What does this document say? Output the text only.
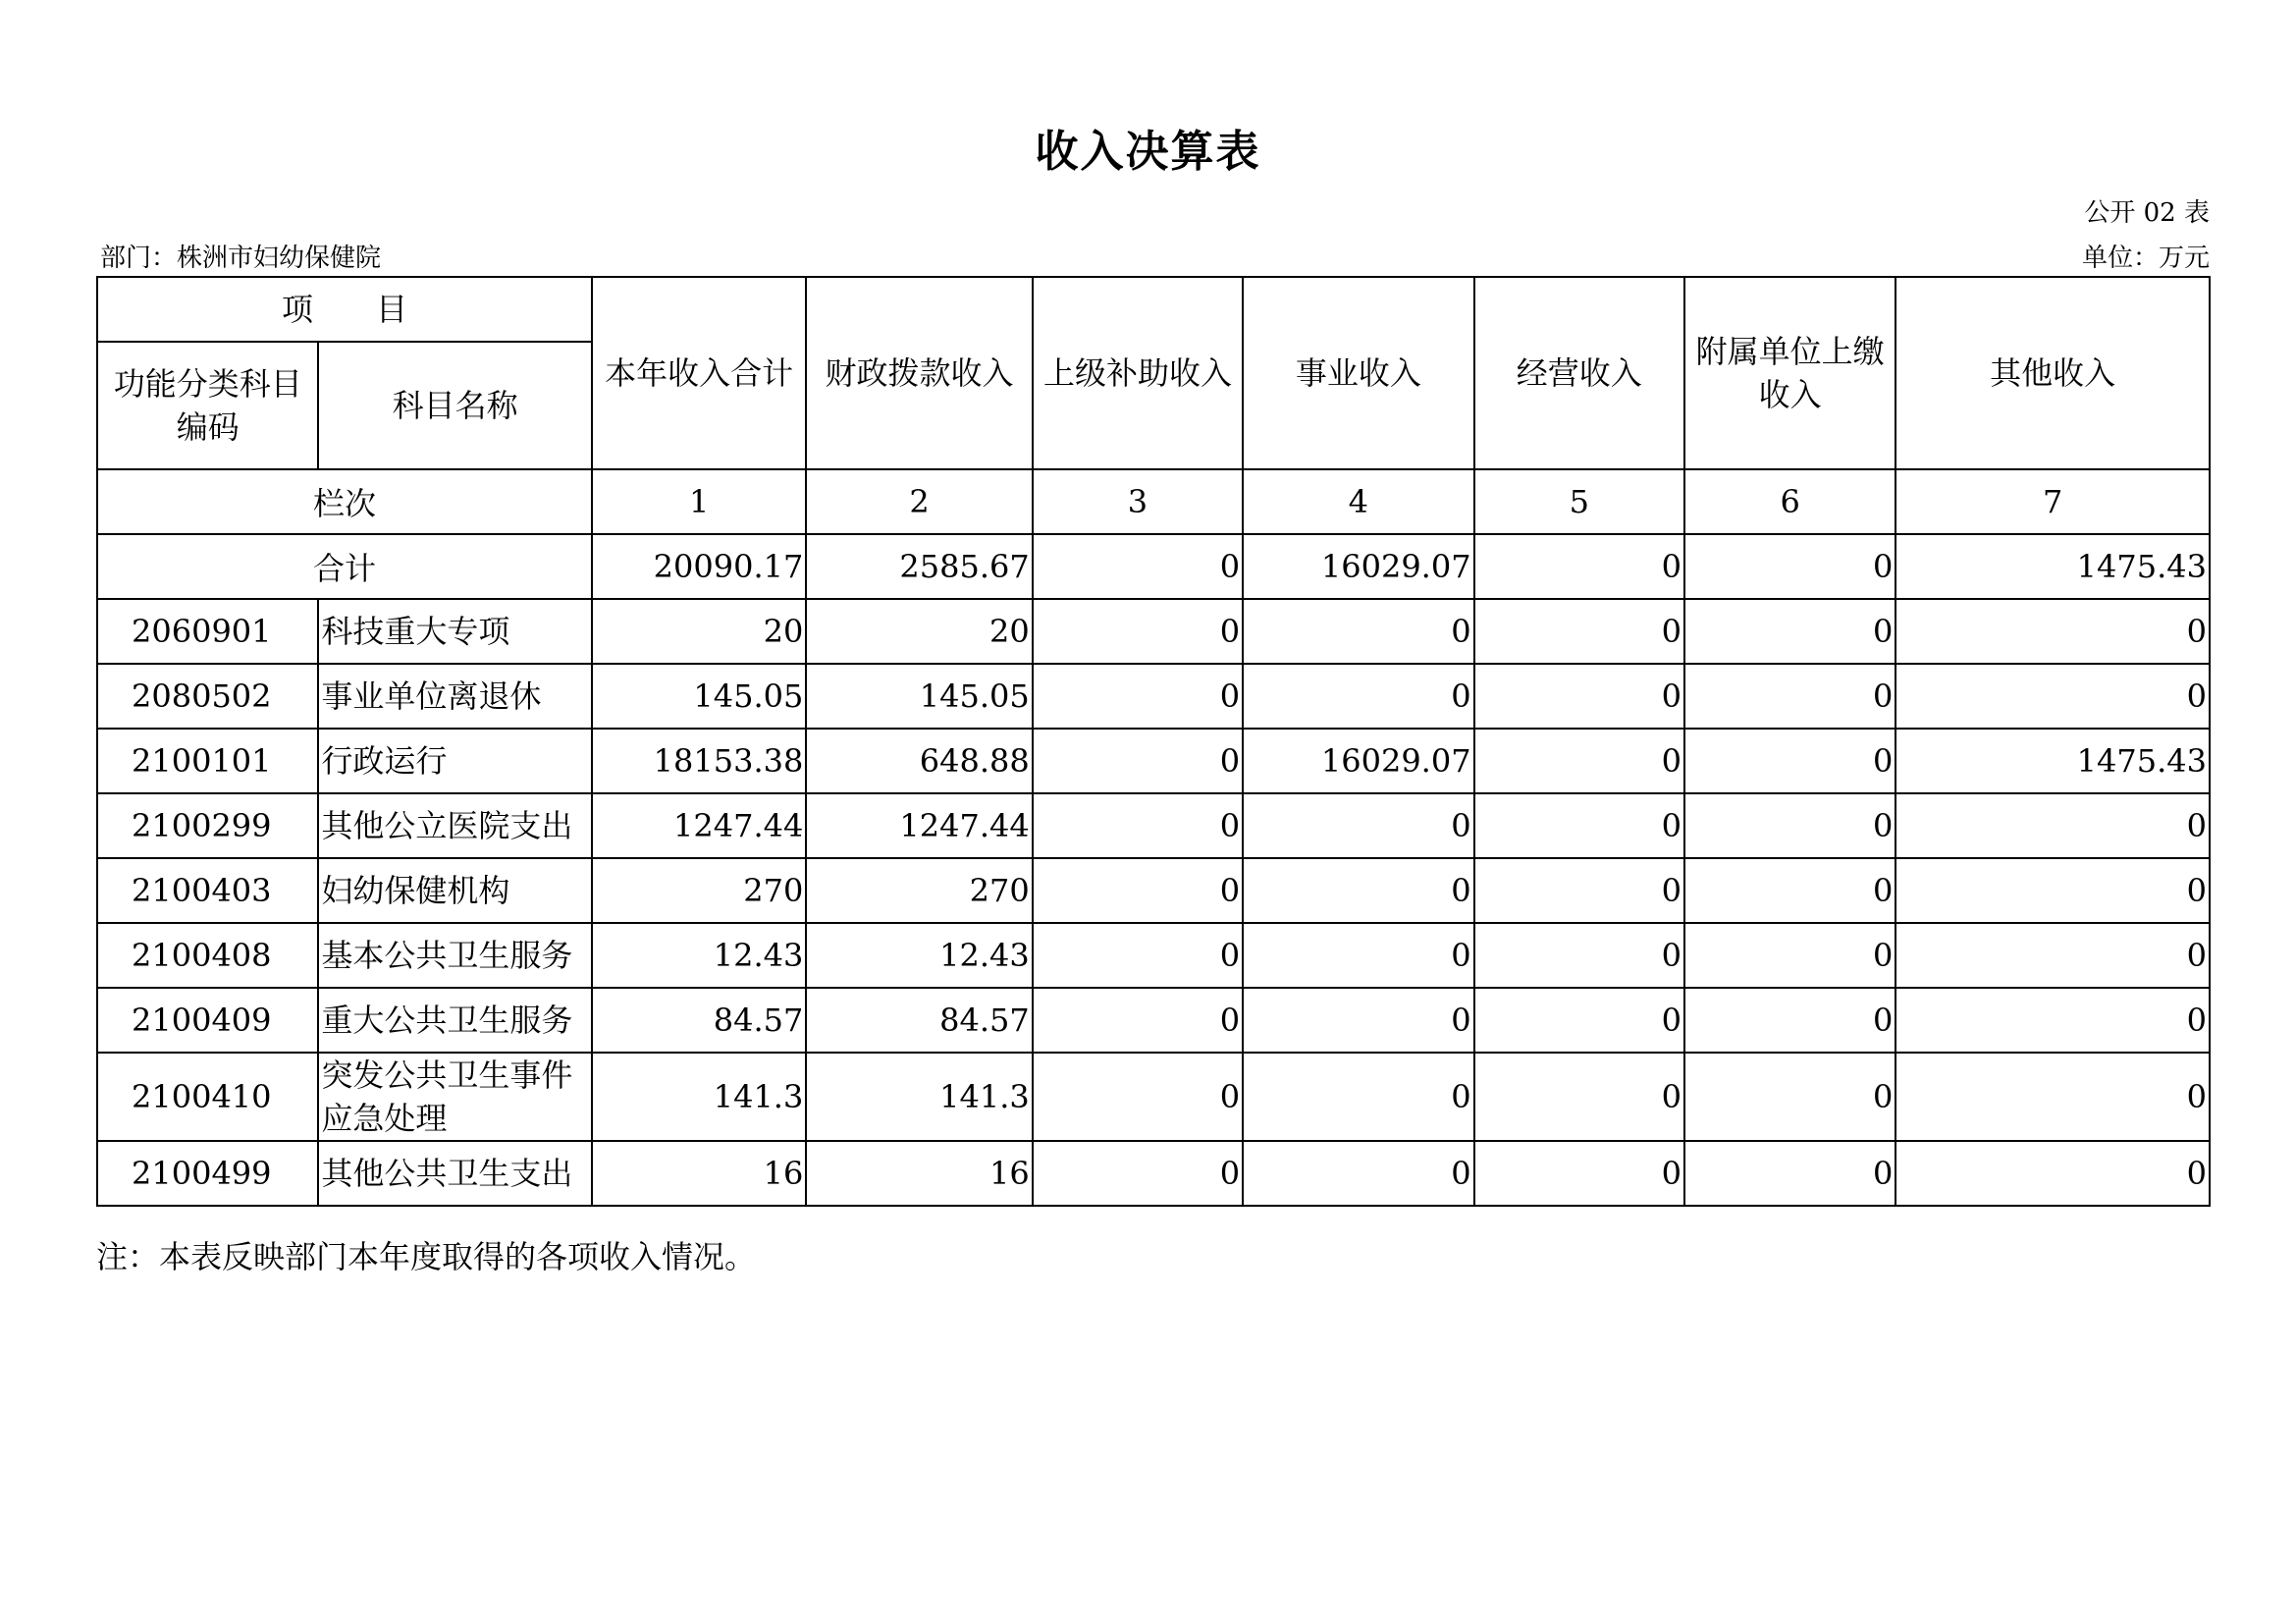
收入决算表
公开 02 表
部门：株洲市妇幼保健院	单位：万元
项　　目		本年收入合计	财政拨款收入	上级补助收入	事业收入	经营收入	附属单位上缴收入	其他收入
功能分类科目编码	科目名称							
栏次		1	2	3	4	5	6	7
合计		20090.17	2585.67	0	16029.07	0	0	1475.43
2060901	科技重大专项	20	20	0	0	0	0	0
2080502	事业单位离退休	145.05	145.05	0	0	0	0	0
2100101	行政运行	18153.38	648.88	0	16029.07	0	0	1475.43
2100299	其他公立医院支出	1247.44	1247.44	0	0	0	0	0
2100403	妇幼保健机构	270	270	0	0	0	0	0
2100408	基本公共卫生服务	12.43	12.43	0	0	0	0	0
2100409	重大公共卫生服务	84.57	84.57	0	0	0	0	0
2100410	突发公共卫生事件应急处理	141.3	141.3	0	0	0	0	0
2100499	其他公共卫生支出	16	16	0	0	0	0	0
注：本表反映部门本年度取得的各项收入情况。
